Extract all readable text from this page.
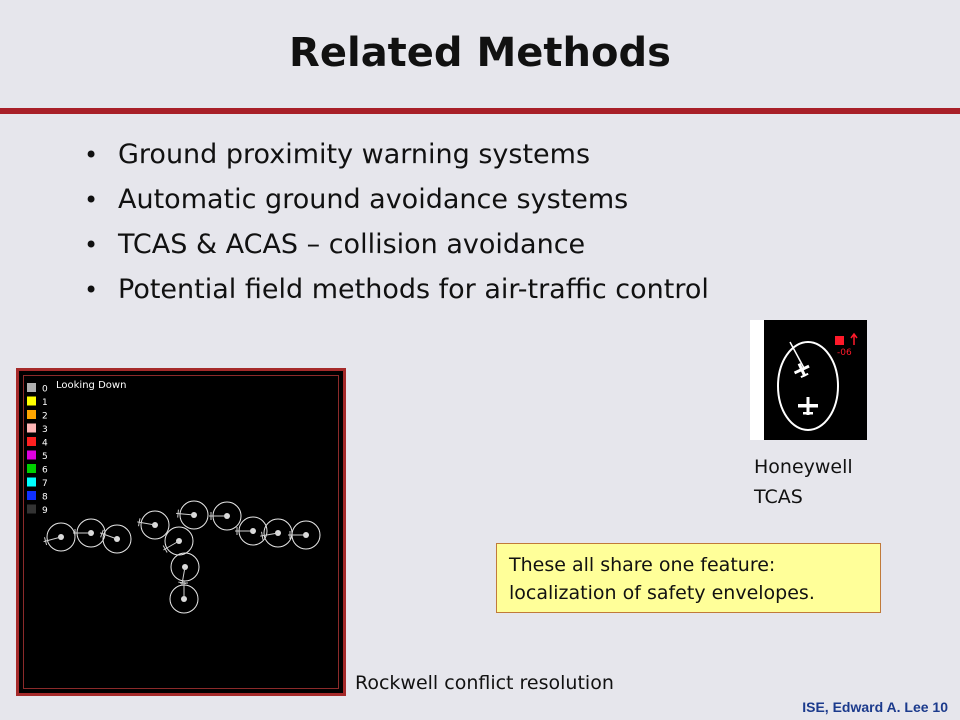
Related Methods
• Ground proximity warning systems
• Automatic ground avoidance systems
• TCAS & ACAS – collision avoidance
• Potential field methods for air-traffic control
0
1
2
3
4
5
6
7
8
9
Looking Down
-06
Honeywell
TCAS
These all share one feature:
localization of safety envelopes.
Rockwell conflict resolution
ISE, Edward A. Lee 10
